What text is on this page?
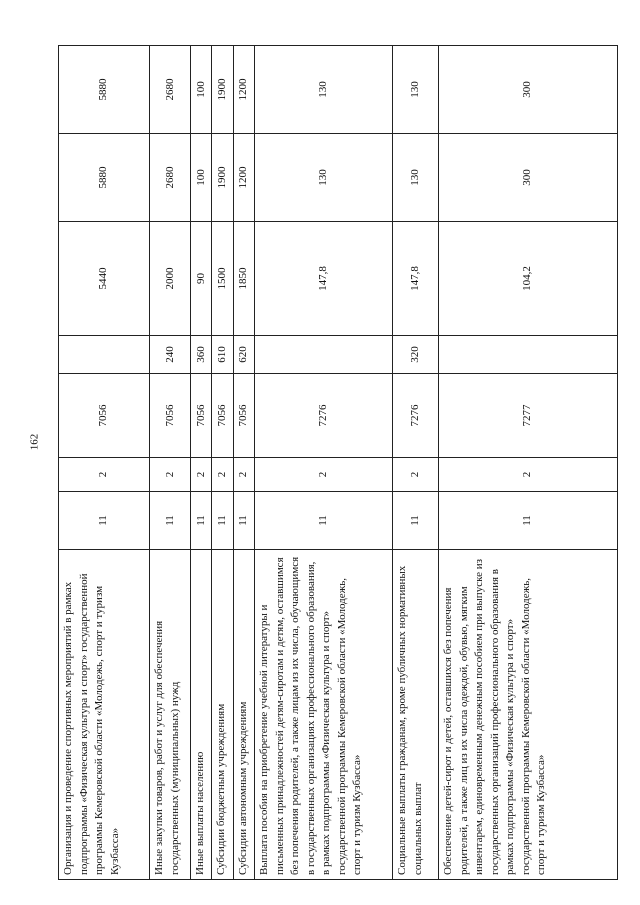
162
Организация и проведение спортивных мероприятий в рамках подпрограммы «Физическая культура и спорт» государственной программы Кемеровской области «Молодежь, спорт и туризм Кузбасса»	11	2	7056		5440	5880	5880
Иные закупки товаров, работ и услуг для обеспечения государственных (муниципальных) нужд	11	2	7056	240	2000	2680	2680
Иные выплаты населению	11	2	7056	360	90	100	100
Субсидии бюджетным учреждениям	11	2	7056	610	1500	1900	1900
Субсидии автономным учреждениям	11	2	7056	620	1850	1200	1200
Выплата пособия на приобретение учебной литературы и письменных принадлежностей детям-сиротам и детям, оставшимся без попечения родителей, а также лицам из их числа, обучающимся в государственных организациях профессионального образования, в рамках подпрограммы «Физическая культура и спорт» государственной программы Кемеровской области «Молодежь, спорт и туризм Кузбасса»	11	2	7276		147,8	130	130
Социальные выплаты гражданам, кроме публичных нормативных социальных выплат	11	2	7276	320	147,8	130	130
Обеспечение детей-сирот и детей, оставшихся без попечения родителей, а также лиц из их числа одеждой, обувью, мягким инвентарем, единовременным денежным пособием при выпуске из государственных организаций профессионального образования в рамках подпрограммы «Физическая культура и спорт» государственной программы Кемеровской области «Молодежь, спорт и туризм Кузбасса»	11	2	7277		104,2	300	300
